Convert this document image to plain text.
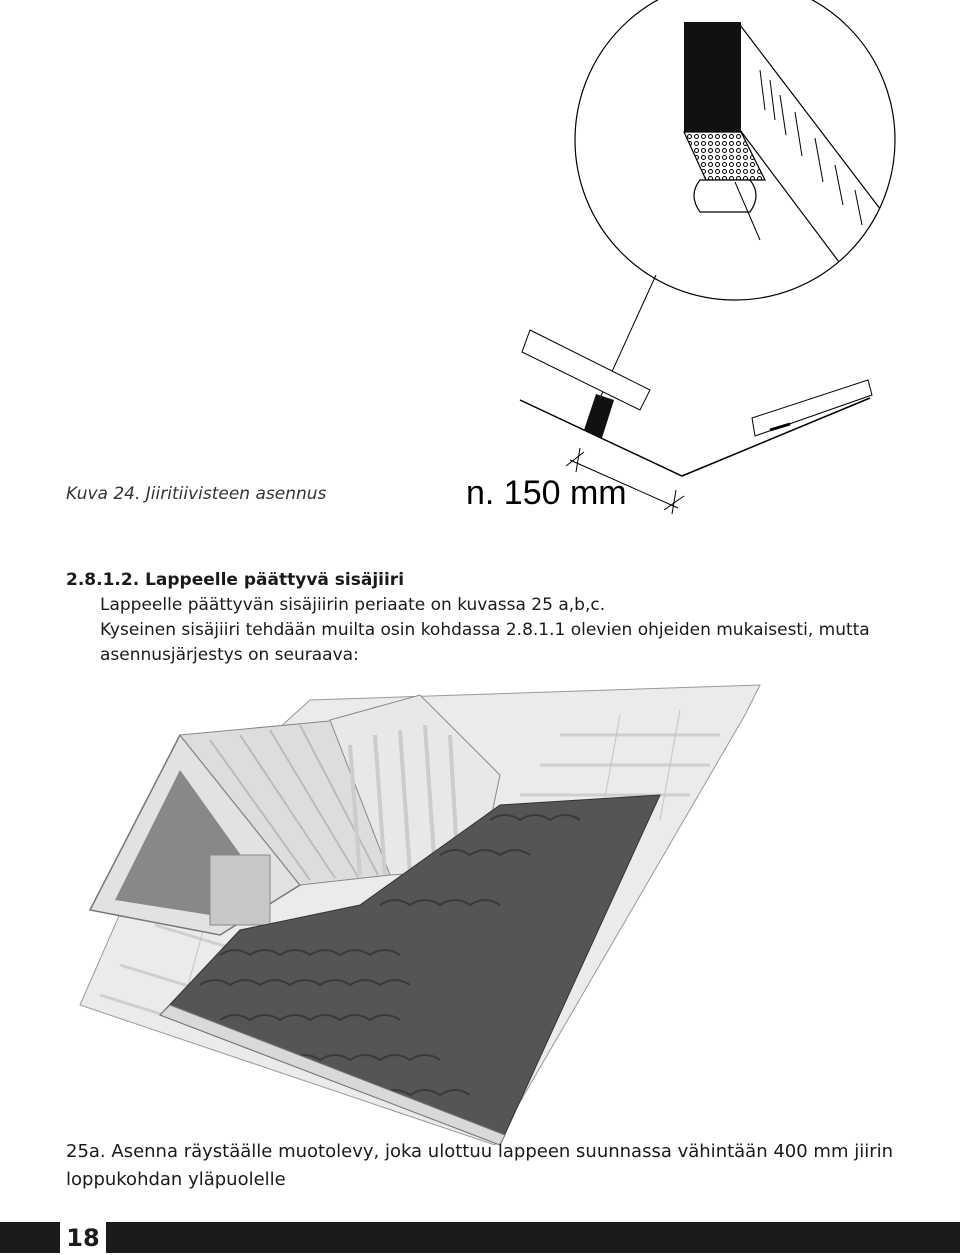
Kuva 24. Jiiritiivisteen asennus	n. 150 mm
2.8.1.2. Lappeelle päättyvä sisäjiiri
Lappeelle päättyvän sisäjiirin periaate on kuvassa 25 a,b,c.
Kyseinen sisäjiiri tehdään muilta osin kohdassa 2.8.1.1 olevien ohjeiden mukaisesti, mutta
asennusjärjestys on seuraava:
25a. Asenna räystäälle muotolevy, joka ulottuu lappeen suunnassa vähintään 400 mm jiirin
loppukohdan yläpuolelle
18
